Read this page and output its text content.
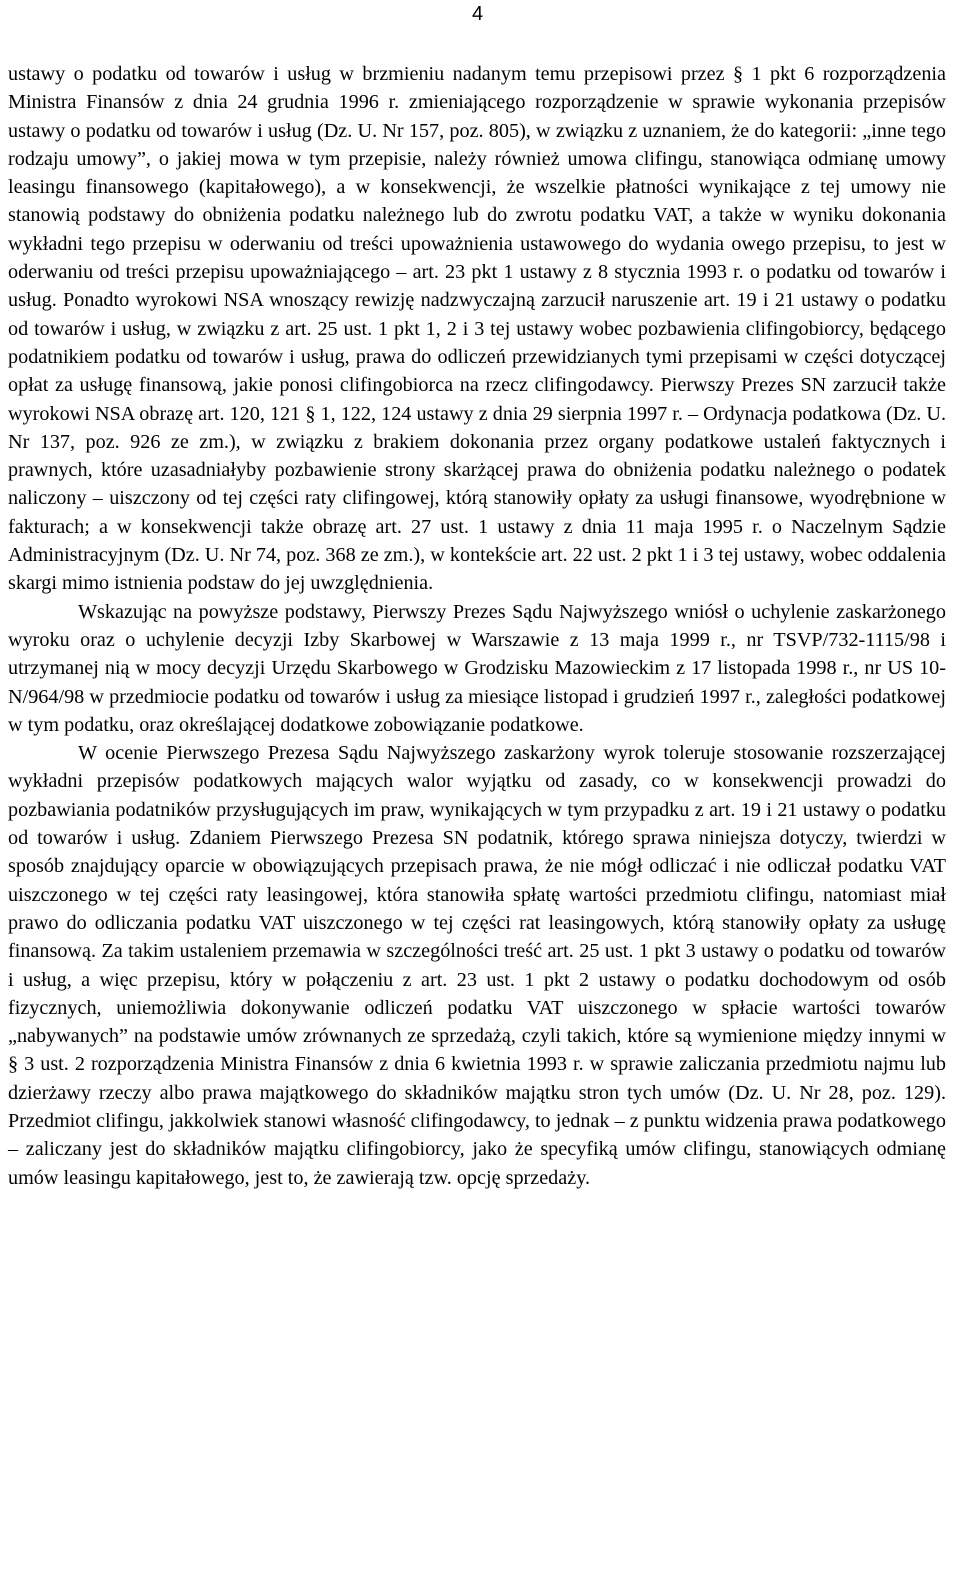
4

ustawy o podatku od towarów i usług w brzmieniu nadanym temu przepisowi przez § 1 pkt 6 rozporządzenia Ministra Finansów z dnia 24 grudnia 1996 r. zmieniającego rozporządzenie w sprawie wykonania przepisów ustawy o podatku od towarów i usług (Dz. U. Nr 157, poz. 805), w związku z uznaniem, że do kategorii: „inne tego rodzaju umowy”, o jakiej mowa w tym przepisie, należy również umowa clifingu, stanowiąca odmianę umowy leasingu finansowego (kapitałowego), a w konsekwencji, że wszelkie płatności wynikające z tej umowy nie stanowią podstawy do obniżenia podatku należnego lub do zwrotu podatku VAT, a także w wyniku dokonania wykładni tego przepisu w oderwaniu od treści upoważnienia ustawowego do wydania owego przepisu, to jest w oderwaniu od treści przepisu upoważniającego – art. 23 pkt 1 ustawy z 8 stycznia 1993 r. o podatku od towarów i usług. Ponadto wyrokowi NSA wnoszący rewizję nadzwyczajną zarzucił naruszenie art. 19 i 21 ustawy o podatku od towarów i usług, w związku z art. 25 ust. 1 pkt 1, 2 i 3 tej ustawy wobec pozbawienia clifingobiorcy, będącego podatnikiem podatku od towarów i usług, prawa do odliczeń przewidzianych tymi przepisami w części dotyczącej opłat za usługę finansową, jakie ponosi clifingobiorca na rzecz clifingodawcy. Pierwszy Prezes SN zarzucił także wyrokowi NSA obrazę art. 120, 121 § 1, 122, 124 ustawy z dnia 29 sierpnia 1997 r. – Ordynacja podatkowa (Dz. U. Nr 137, poz. 926 ze zm.), w związku z brakiem dokonania przez organy podatkowe ustaleń faktycznych i prawnych, które uzasadniałyby pozbawienie strony skarżącej prawa do obniżenia podatku należnego o podatek naliczony – uiszczony od tej części raty clifingowej, którą stanowiły opłaty za usługi finansowe, wyodrębnione w fakturach; a w konsekwencji także obrazę art. 27 ust. 1 ustawy z dnia 11 maja 1995 r. o Naczelnym Sądzie Administracyjnym (Dz. U. Nr 74, poz. 368 ze zm.), w kontekście art. 22 ust. 2 pkt 1 i 3 tej ustawy, wobec oddalenia skargi mimo istnienia podstaw do jej uwzględnienia.

Wskazując na powyższe podstawy, Pierwszy Prezes Sądu Najwyższego wniósł o uchylenie zaskarżonego wyroku oraz o uchylenie decyzji Izby Skarbowej w Warszawie z 13 maja 1999 r., nr TSVP/732-1115/98 i utrzymanej nią w mocy decyzji Urzędu Skarbowego w Grodzisku Mazowieckim z 17 listopada 1998 r., nr US 10-N/964/98 w przedmiocie podatku od towarów i usług za miesiące listopad i grudzień 1997 r., zaległości podatkowej w tym podatku, oraz określającej dodatkowe zobowiązanie podatkowe.

W ocenie Pierwszego Prezesa Sądu Najwyższego zaskarżony wyrok toleruje stosowanie rozszerzającej wykładni przepisów podatkowych mających walor wyjątku od zasady, co w konsekwencji prowadzi do pozbawiania podatników przysługujących im praw, wynikających w tym przypadku z art. 19 i 21 ustawy o podatku od towarów i usług. Zdaniem Pierwszego Prezesa SN podatnik, którego sprawa niniejsza dotyczy, twierdzi w sposób znajdujący oparcie w obowiązujących przepisach prawa, że nie mógł odliczać i nie odliczał podatku VAT uiszczonego w tej części raty leasingowej, która stanowiła spłatę wartości przedmiotu clifingu, natomiast miał prawo do odliczania podatku VAT uiszczonego w tej części rat leasingowych, którą stanowiły opłaty za usługę finansową. Za takim ustaleniem przemawia w szczególności treść art. 25 ust. 1 pkt 3 ustawy o podatku od towarów i usług, a więc przepisu, który w połączeniu z art. 23 ust. 1 pkt 2 ustawy o podatku dochodowym od osób fizycznych, uniemożliwia dokonywanie odliczeń podatku VAT uiszczonego w spłacie wartości towarów „nabywanych” na podstawie umów zrównanych ze sprzedażą, czyli takich, które są wymienione między innymi w § 3 ust. 2 rozporządzenia Ministra Finansów z dnia 6 kwietnia 1993 r. w sprawie zaliczania przedmiotu najmu lub dzierżawy rzeczy albo prawa majątkowego do składników majątku stron tych umów (Dz. U. Nr 28, poz. 129). Przedmiot clifingu, jakkolwiek stanowi własność clifingodawcy, to jednak – z punktu widzenia prawa podatkowego – zaliczany jest do składników majątku clifingobiorcy, jako że specyfiką umów clifingu, stanowiących odmianę umów leasingu kapitałowego, jest to, że zawierają tzw. opcję sprzedaży.
